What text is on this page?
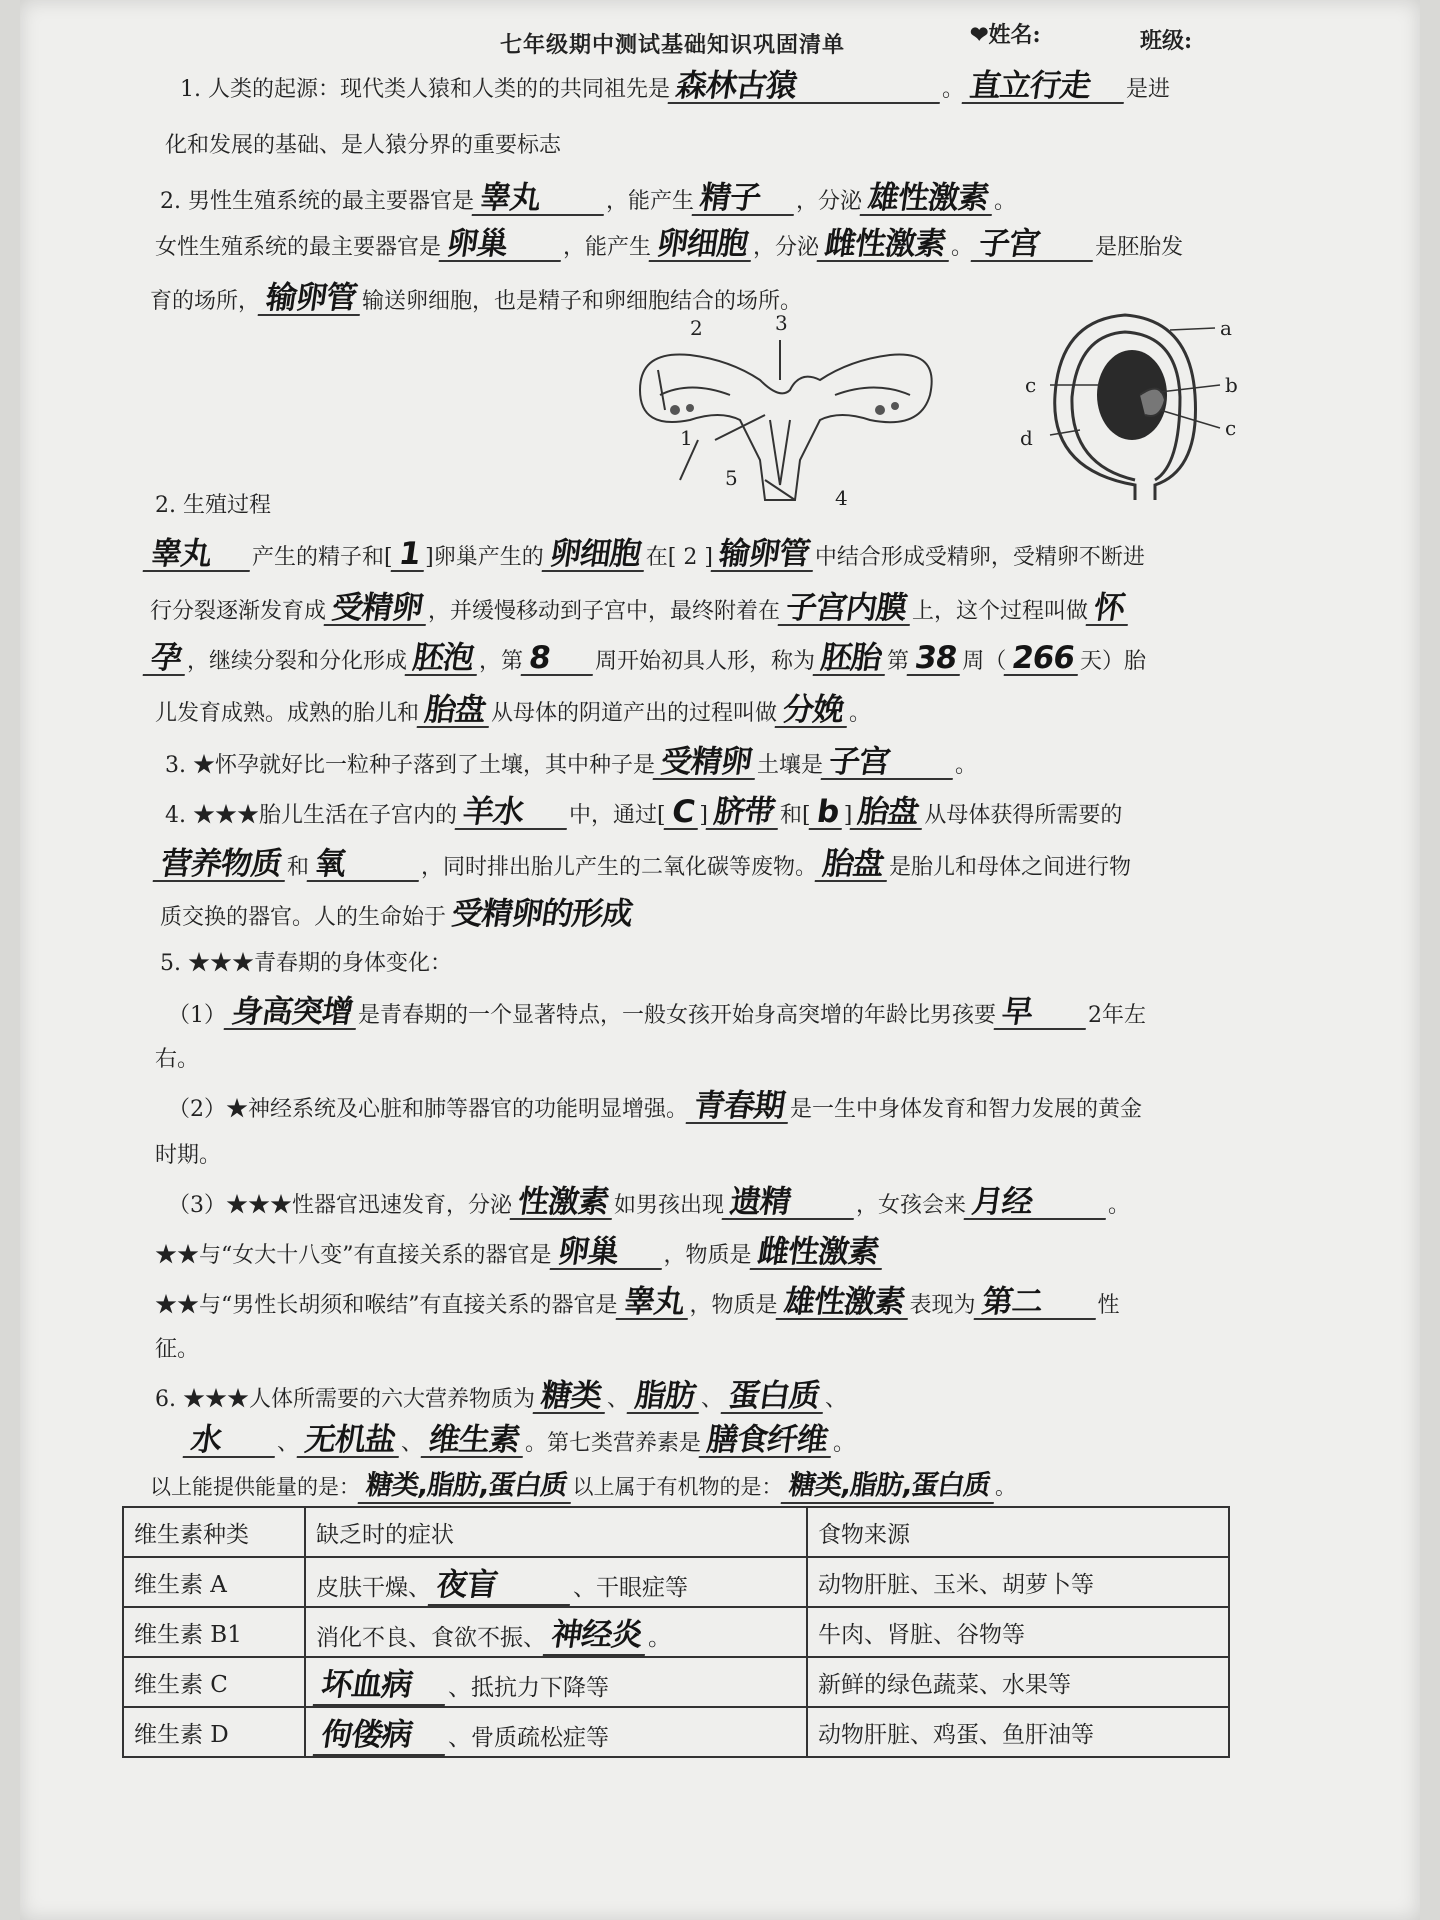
❤姓名:	班级:
七年级期中测试基础知识巩固清单
1. 人类的起源：现代类人猿和人类的的共同祖先是 森林古猿	。 直立行走 是进
化和发展的基础、是人猿分界的重要标志
2. 男性生殖系统的最主要器官是 睾丸	，能产生 精子 ，分泌 雄性激素 。
女性生殖系统的最主要器官是 卵巢 ，能产生 卵细胞 ，分泌 雌性激素 。 子宫 是胚胎发
育的场所， 输卵管 输送卵细胞，也是精子和卵细胞结合的场所。
1
2	3
4
5
a
b
c
c
d
2. 生殖过程
睾丸 产生的精子和[ 1 ]卵巢产生的 卵细胞 在[ 2 ] 输卵管 中结合形成受精卵，受精卵不断进
行分裂逐渐发育成 受精卵 ，并缓慢移动到子宫中，最终附着在 子宫内膜 上，这个过程叫做 怀
孕 ，继续分裂和分化形成 胚泡 ，第 8 周开始初具人形，称为 胚胎 第 38 周（ 266 天）胎
儿发育成熟。成熟的胎儿和 胎盘 从母体的阴道产出的过程叫做 分娩 。
3. ★怀孕就好比一粒种子落到了土壤，其中种子是 受精卵 土壤是 子宫	。
4. ★★★胎儿生活在子宫内的 羊水 中，通过[ C ] 脐带 和[ b ] 胎盘 从母体获得所需要的
营养物质 和 氧	，同时排出胎儿产生的二氧化碳等废物。 胎盘 是胎儿和母体之间进行物
质交换的器官。人的生命始于 受精卵的形成
5. ★★★青春期的身体变化：
（1） 身高突增 是青春期的一个显著特点，一般女孩开始身高突增的年龄比男孩要 早 2年左
右。
（2）★神经系统及心脏和肺等器官的功能明显增强。 青春期 是一生中身体发育和智力发展的黄金
时期。
（3）★★★性器官迅速发育，分泌 性激素 如男孩出现 遗精	，女孩会来 月经	。
★★与“女大十八变”有直接关系的器官是 卵巢 ，物质是 雌性激素
★★与“男性长胡须和喉结”有直接关系的器官是 睾丸 ，物质是 雄性激素 表现为 第二 性
征。
6. ★★★人体所需要的六大营养物质为 糖类 、 脂肪 、 蛋白质 、
水 、 无机盐 、 维生素 。第七类营养素是 膳食纤维 。
以上能提供能量的是： 糖类,脂肪,蛋白质 以上属于有机物的是： 糖类,脂肪,蛋白质 。
维生素种类	缺乏时的症状	食物来源
维生素 A	皮肤干燥、 夜盲 、干眼症等	动物肝脏、玉米、胡萝卜等
维生素 B1	消化不良、食欲不振、 神经炎 。	牛肉、肾脏、谷物等
维生素 C	坏血病 、抵抗力下降等	新鲜的绿色蔬菜、水果等
维生素 D	佝偻病 、骨质疏松症等	动物肝脏、鸡蛋、鱼肝油等
